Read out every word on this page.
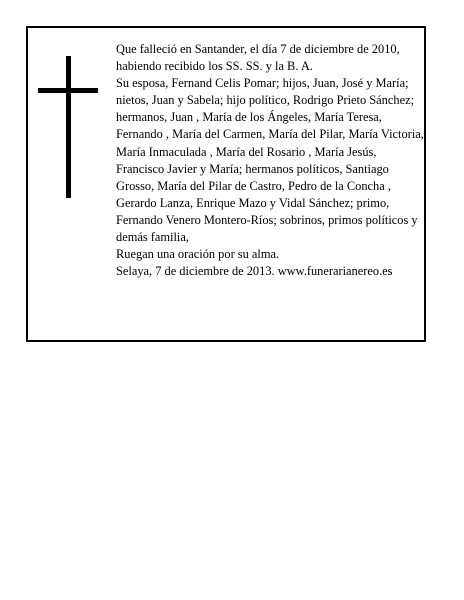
Que falleció en Santander, el día 7 de diciembre de 2010, habiendo recibido los SS. SS. y la B. A.

Su esposa, Fernand Celis Pomar; hijos, Juan, José y María; nietos, Juan y Sabela; hijo político, Rodrigo Prieto Sánchez; hermanos, Juan , María de los Ángeles, María Teresa, Fernando , María del Carmen, María del Pilar, María Victoria, María Inmaculada , María del Rosario , María Jesús, Francisco Javier y María; hermanos políticos, Santiago Grosso, María del Pilar de Castro, Pedro de la Concha , Gerardo Lanza, Enrique Mazo y Vidal Sánchez; primo, Fernando Venero Montero-Ríos; sobrinos, primos políticos y demás familia,

Ruegan una oración por su alma.

Selaya, 7 de diciembre de 2013. www.funerarianereo.es
